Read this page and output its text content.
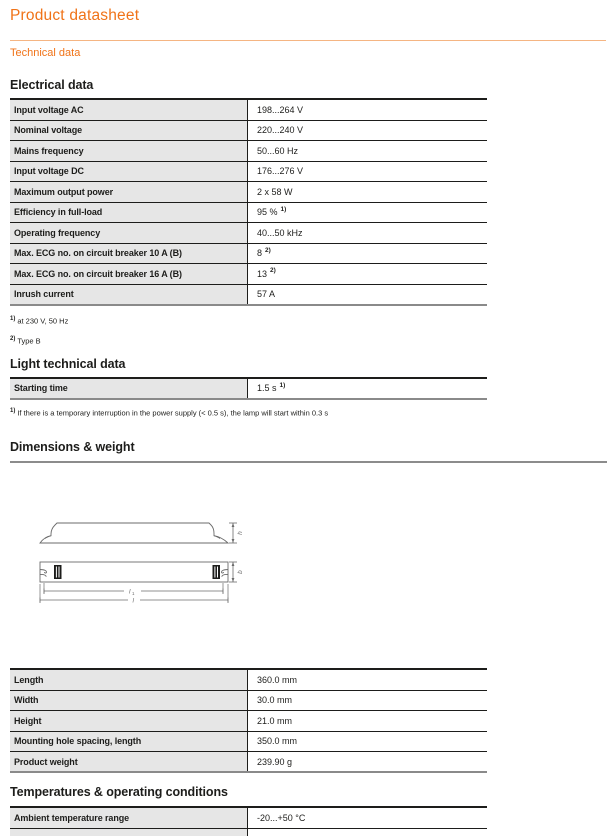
Product datasheet
Technical data
Electrical data
Input voltage AC	198...264 V
Nominal voltage	220...240 V
Mains frequency	50...60 Hz
Input voltage DC	176...276 V
Maximum output power	2 x 58 W
Efficiency in full-load	95 % $^{1)}$
Operating frequency	40...50 kHz
Max. ECG no. on circuit breaker 10 A (B)	8 $^{2)}$
Max. ECG no. on circuit breaker 16 A (B)	13 $^{2)}$
Inrush current	57 A

$^{1)}$ at 230 V, 50 Hz

$^{2)}$ Type B

Light technical data
Starting time	1.5 s $^{1)}$

$^{1)}$ If there is a temporary interruption in the power supply (< 0.5 s), the lamp will start within 0.3 s

Dimensions & weight
h
b
l 1
l
Length	360.0 mm
Width	30.0 mm
Height	21.0 mm
Mounting hole spacing, length	350.0 mm
Product weight	239.90 g
Temperatures & operating conditions
Ambient temperature range	-20...+50 °C
